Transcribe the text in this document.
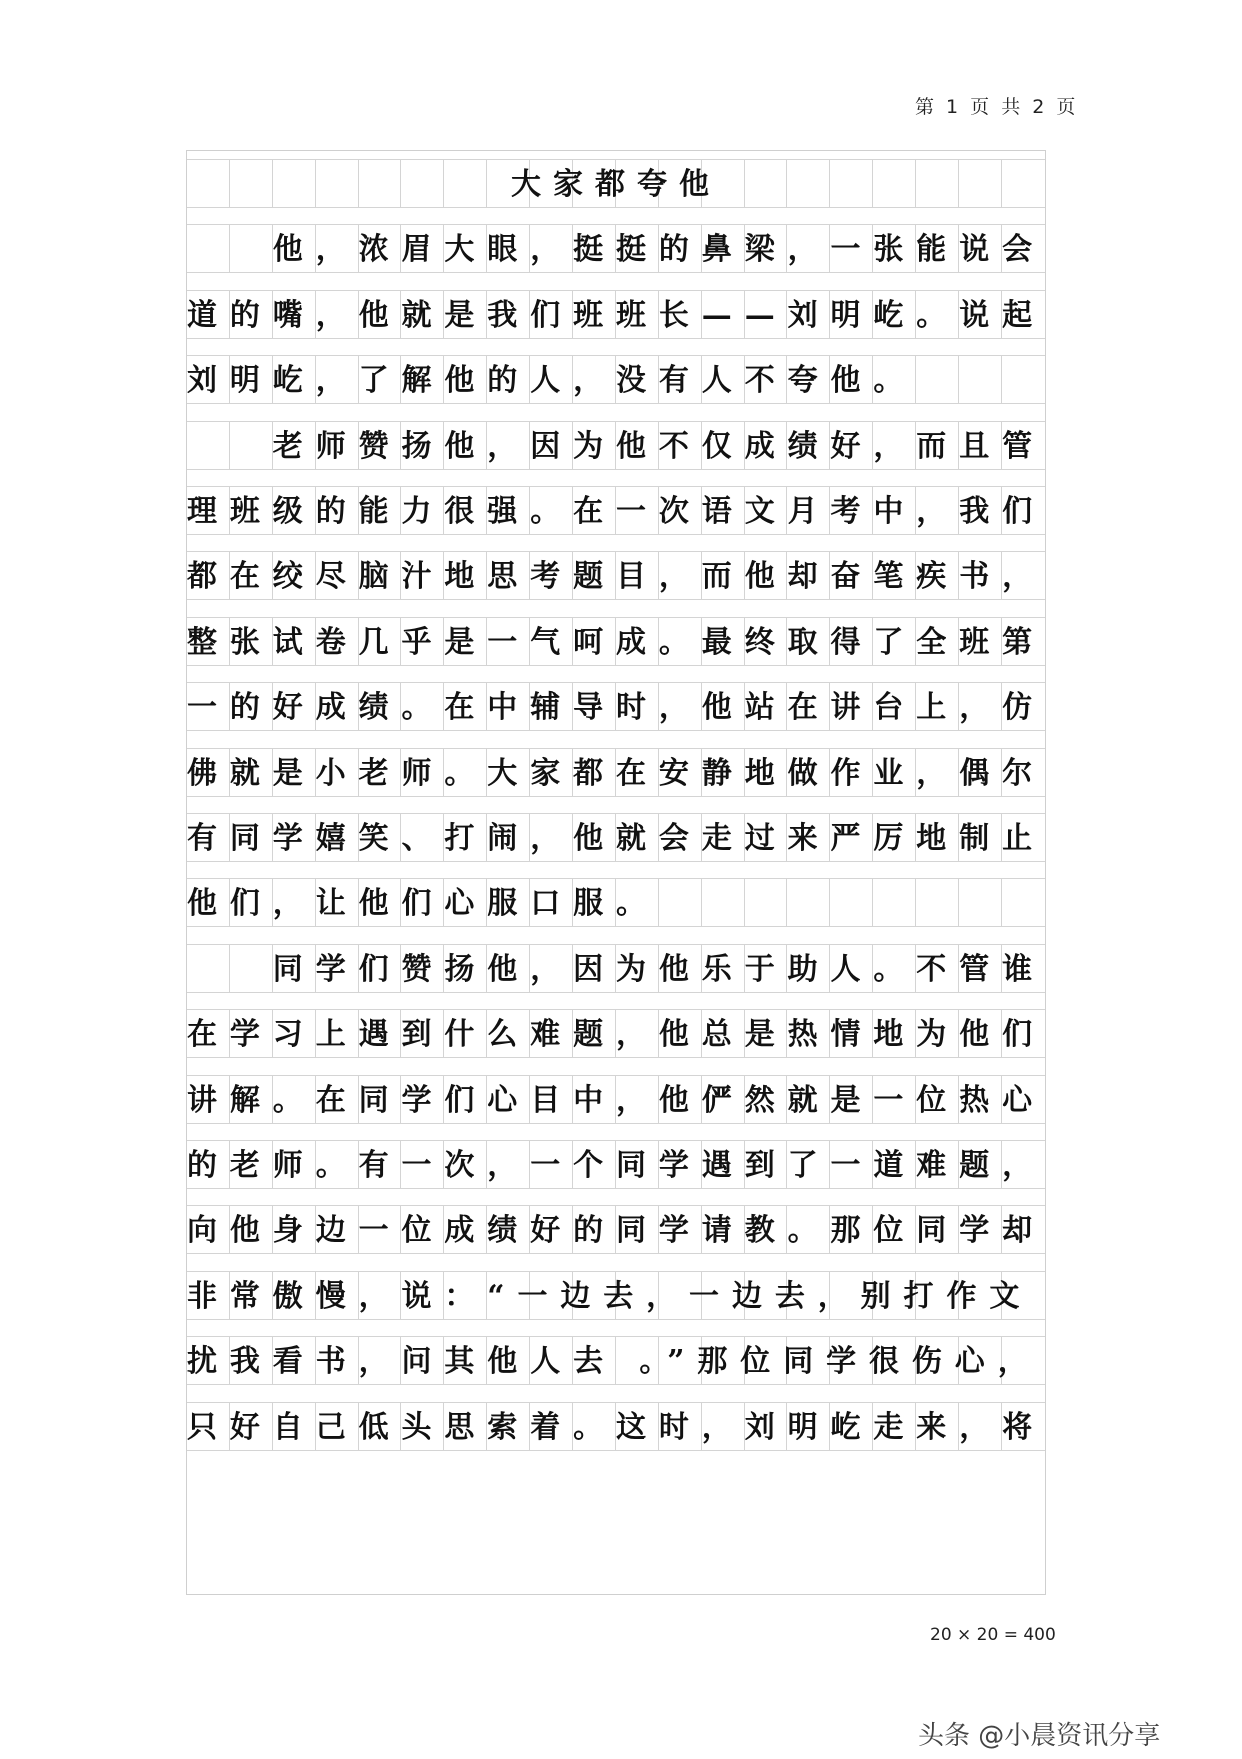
第 1 页 共 2 页
大家都夸他
　　他，浓眉大眼，挺挺的鼻梁，一张能说会
道的嘴，他就是我们班班长——刘明屹。说起
刘明屹，了解他的人，没有人不夸他。
　　老师赞扬他，因为他不仅成绩好，而且管
理班级的能力很强。在一次语文月考中，我们
都在绞尽脑汁地思考题目，而他却奋笔疾书，
整张试卷几乎是一气呵成。最终取得了全班第
一的好成绩。在中辅导时，他站在讲台上，仿
佛就是小老师。大家都在安静地做作业，偶尔
有同学嬉笑、打闹，他就会走过来严厉地制止
他们，让他们心服口服。
　　同学们赞扬他，因为他乐于助人。不管谁
在学习上遇到什么难题，他总是热情地为他们
讲解。在同学们心目中，他俨然就是一位热心
的老师。有一次，一个同学遇到了一道难题，
向他身边一位成绩好的同学请教。那位同学却
非常傲慢，说：“一边去，一边去，别打作文
扰我看书，问其他人去 。”那位同学很伤心，
只好自己低头思索着。这时，刘明屹走来，将
20 × 20 = 400
头条 @小晨资讯分享
